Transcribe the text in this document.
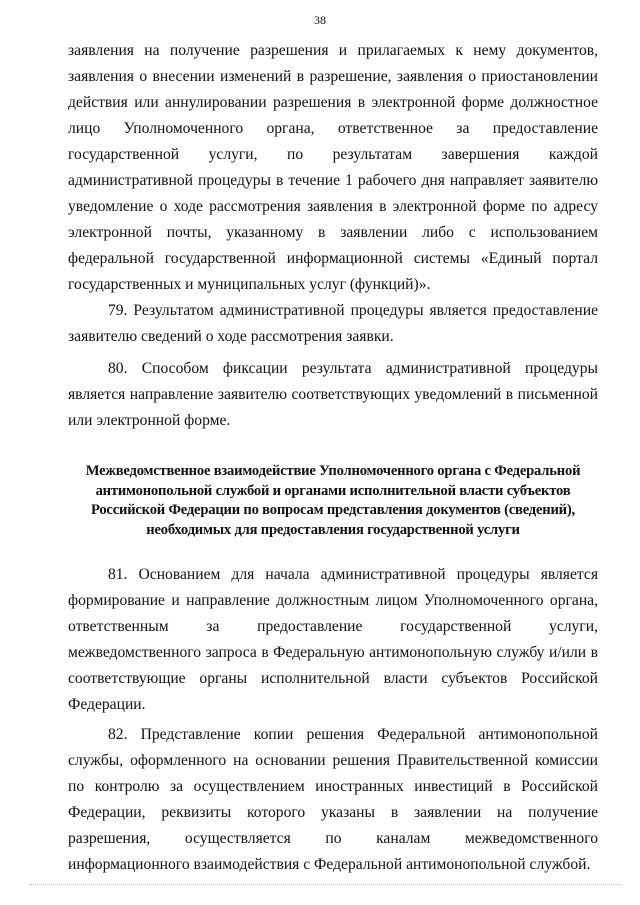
38

заявления на получение разрешения и прилагаемых к нему документов, заявления о внесении изменений в разрешение, заявления о приостановлении действия или аннулировании разрешения в электронной форме должностное лицо Уполномоченного органа, ответственное за предоставление государственной услуги, по результатам завершения каждой административной процедуры в течение 1 рабочего дня направляет заявителю уведомление о ходе рассмотрения заявления в электронной форме по адресу электронной почты, указанному в заявлении либо с использованием федеральной государственной информационной системы «Единый портал государственных и муниципальных услуг (функций)».

79. Результатом административной процедуры является предоставление заявителю сведений о ходе рассмотрения заявки.

80. Способом фиксации результата административной процедуры является направление заявителю соответствующих уведомлений в письменной или электронной форме.

Межведомственное взаимодействие Уполномоченного органа с Федеральной
антимонопольной службой и органами исполнительной власти субъектов
Российской Федерации по вопросам представления документов (сведений),
необходимых для предоставления государственной услуги

81. Основанием для начала административной процедуры является формирование и направление должностным лицом Уполномоченного органа, ответственным за предоставление государственной услуги, межведомственного запроса в Федеральную антимонопольную службу и/или в соответствующие органы исполнительной власти субъектов Российской Федерации.

82. Представление копии решения Федеральной антимонопольной службы, оформленного на основании решения Правительственной комиссии по контролю за осуществлением иностранных инвестиций в Российской Федерации, реквизиты которого указаны в заявлении на получение разрешения, осуществляется по каналам межведомственного информационного взаимодействия с Федеральной антимонопольной службой.
